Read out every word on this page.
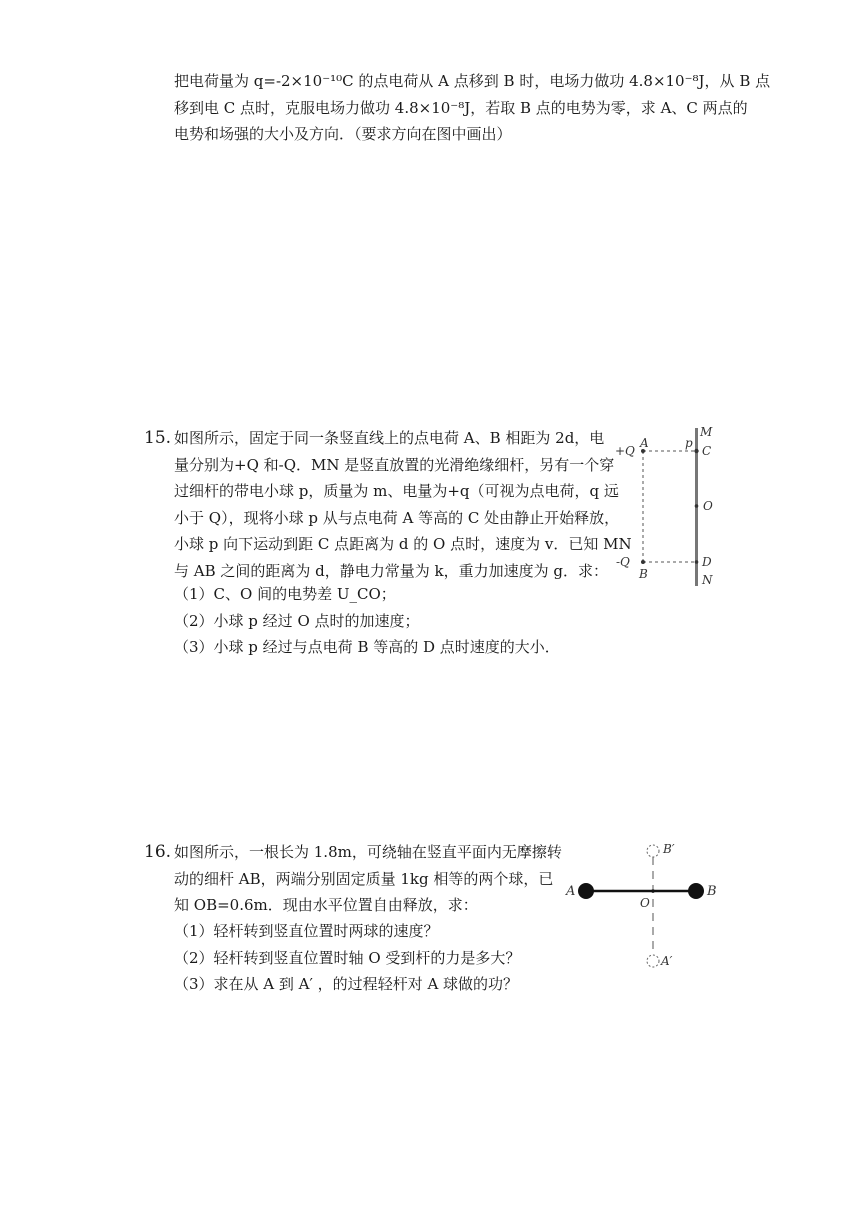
把电荷量为 q=-2×10⁻¹⁰C 的点电荷从 A 点移到 B 时，电场力做功 4.8×10⁻⁸J，从 B 点

移到电 C 点时，克服电场力做功 4.8×10⁻⁸J，若取 B 点的电势为零，求 A、C 两点的

电势和场强的大小及方向．（要求方向在图中画出）

15. 如图所示，固定于同一条竖直线上的点电荷 A、B 相距为 2d，电

量分别为+Q 和-Q．MN 是竖直放置的光滑绝缘细杆，另有一个穿

过细杆的带电小球 p，质量为 m、电量为+q（可视为点电荷，q 远

小于 Q），现将小球 p 从与点电荷 A 等高的 C 处由静止开始释放，

小球 p 向下运动到距 C 点距离为 d 的 O 点时，速度为 v．已知 MN

与 AB 之间的距离为 d，静电力常量为 k，重力加速度为 g．求：

（1）C、O 间的电势差 U_CO；

（2）小球 p 经过 O 点时的加速度；

（3）小球 p 经过与点电荷 B 等高的 D 点时速度的大小．

+Q
A
-Q
B
M
p
C
O
D
N
16. 如图所示，一根长为 1.8m，可绕轴在竖直平面内无摩擦转

动的细杆 AB，两端分别固定质量 1kg 相等的两个球，已

知 OB=0.6m．现由水平位置自由释放，求：

（1）轻杆转到竖直位置时两球的速度？

（2）轻杆转到竖直位置时轴 O 受到杆的力是多大？

（3）求在从 A 到 A′ ，的过程轻杆对 A 球做的功？

A	B
O
B′
A′
